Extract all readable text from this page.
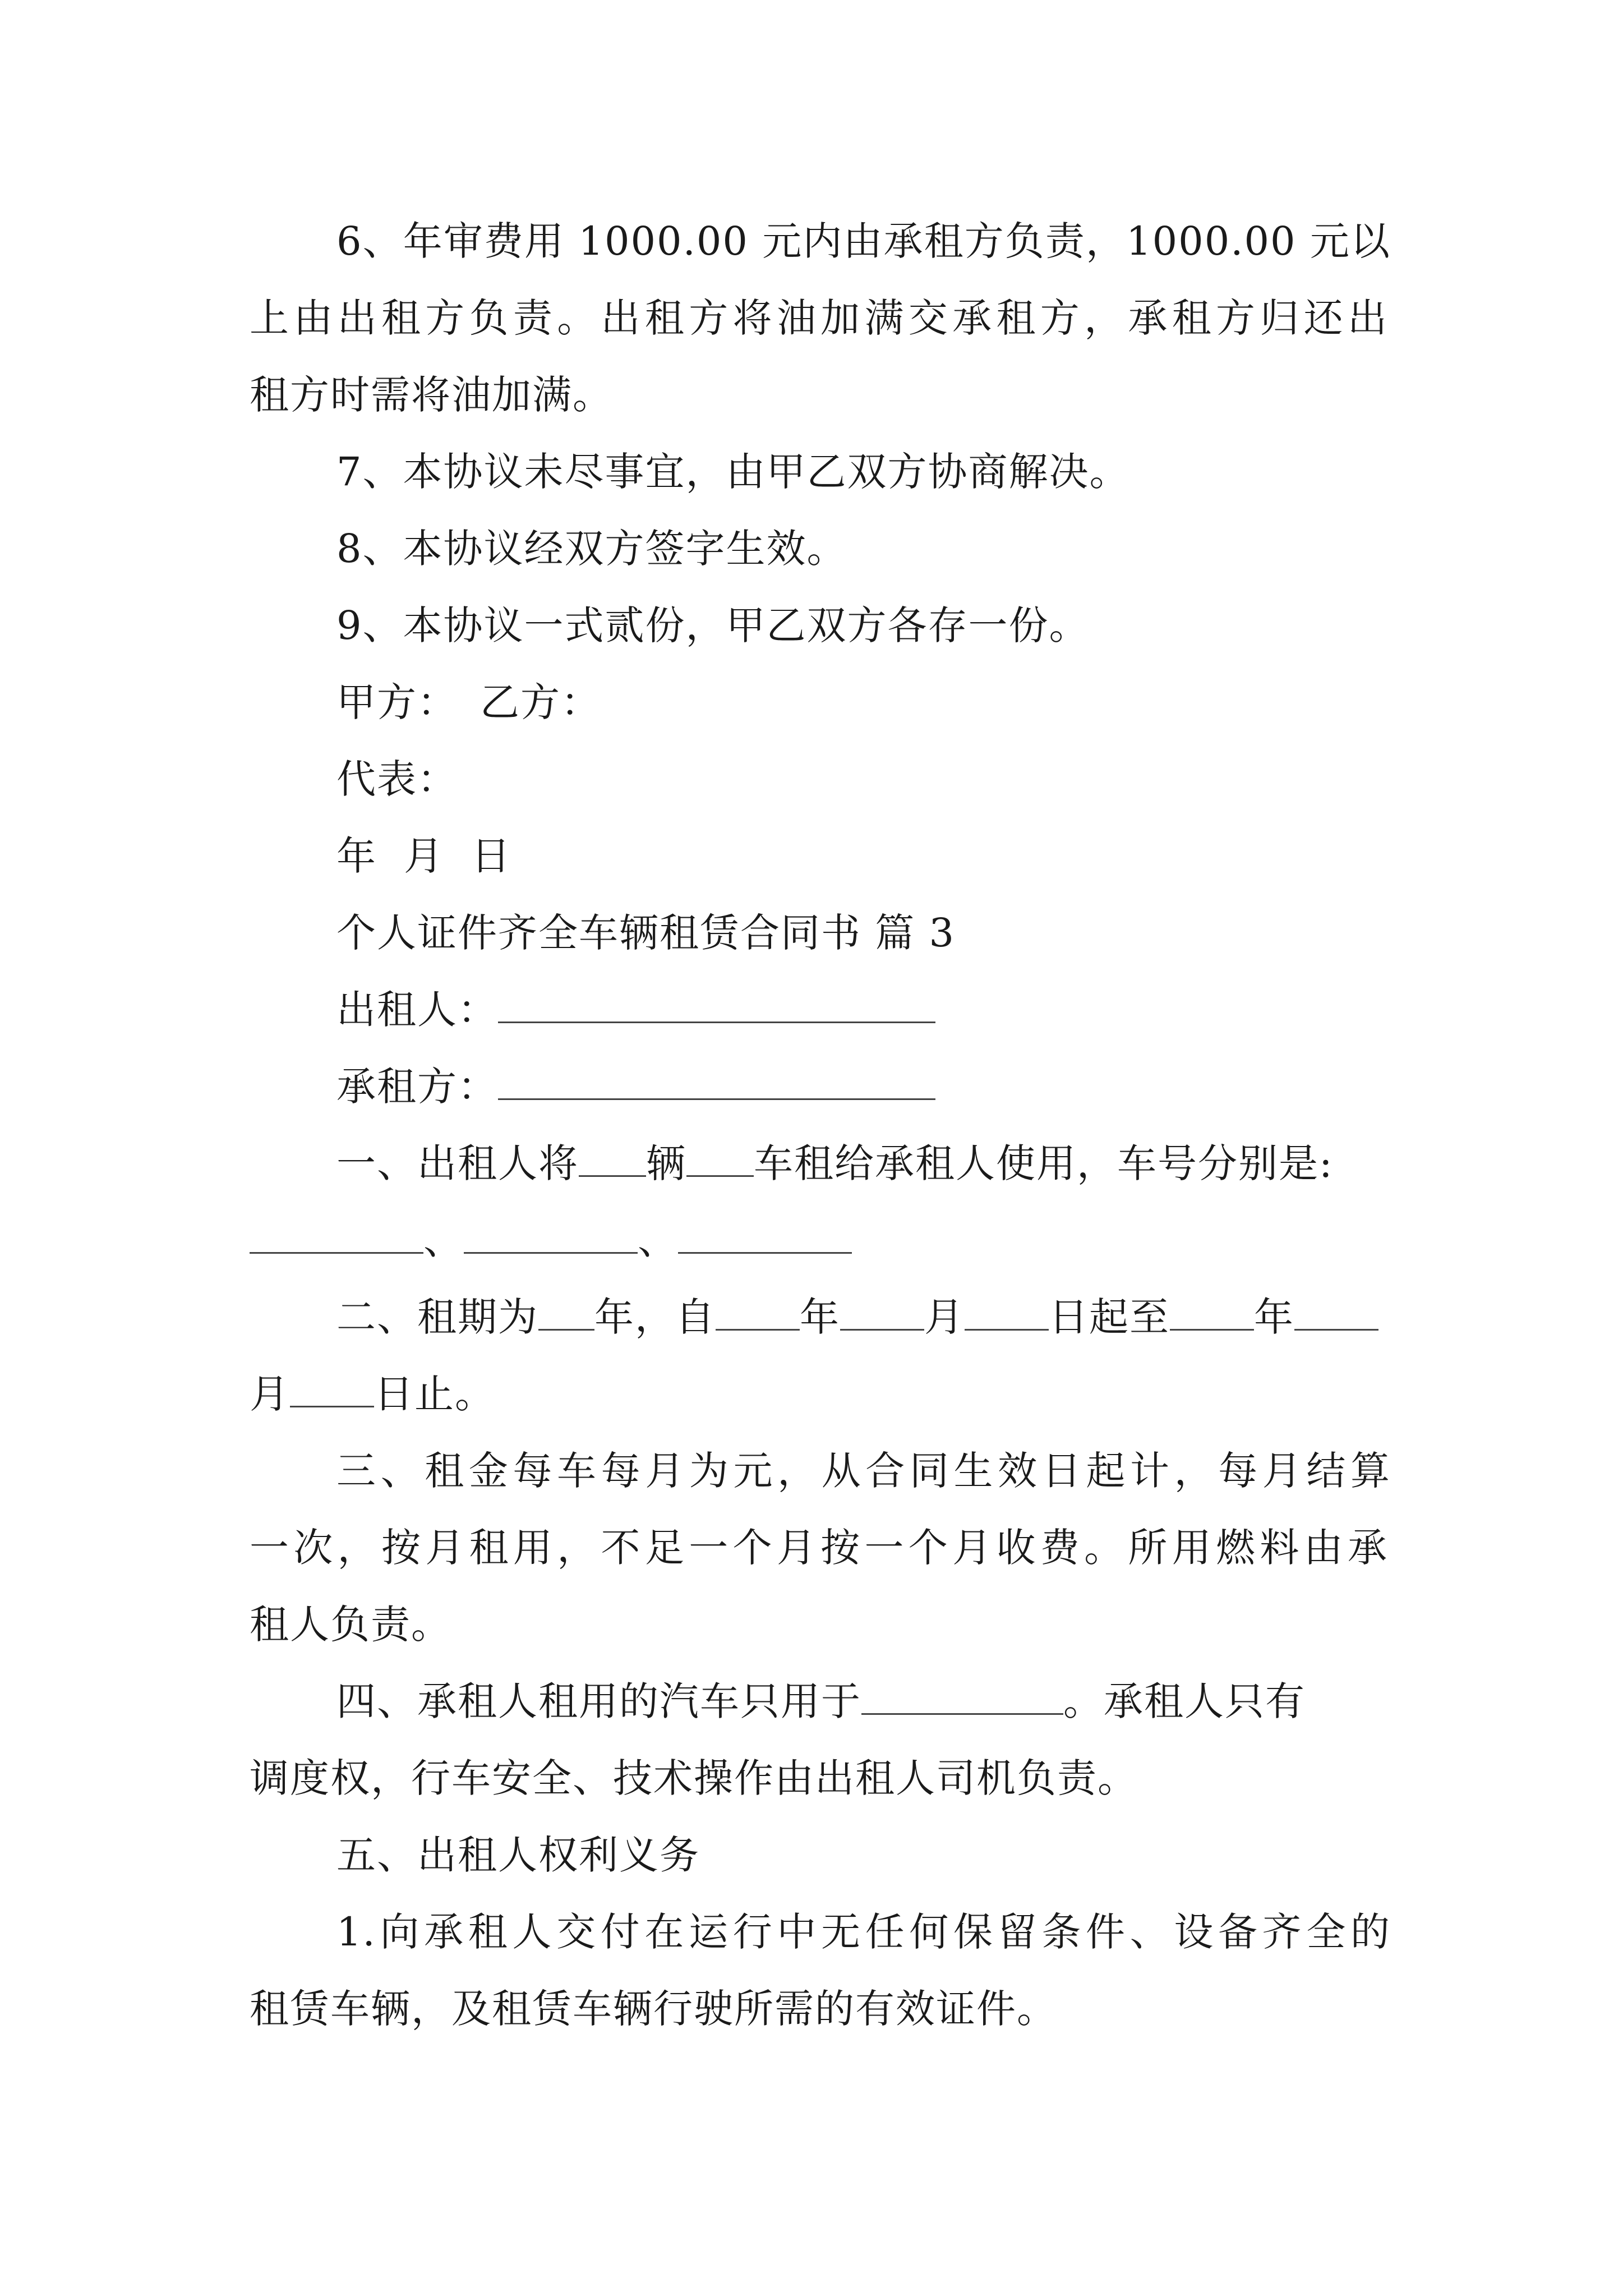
6、年审费用 1000.00 元内由承租方负责，1000.00 元以
上由出租方负责。出租方将油加满交承租方，承租方归还出
租方时需将油加满。
7、本协议未尽事宜，由甲乙双方协商解决。
8、本协议经双方签字生效。
9、本协议一式贰份，甲乙双方各存一份。
甲方： 乙方：
代表：
年 月 日
个人证件齐全车辆租赁合同书 篇 3
出租人：
承租方：
一、出租人将 辆 车租给承租人使用，车号分别是:
、	、
二、租期为 年，自 年 月 日起至 年
月 日止。
三、租金每车每月为元，从合同生效日起计，每月结算
一次，按月租用，不足一个月按一个月收费。所用燃料由承
租人负责。
四、承租人租用的汽车只用于	。承租人只有
调度权，行车安全、技术操作由出租人司机负责。
五、出租人权利义务
1.向承租人交付在运行中无任何保留条件、设备齐全的
租赁车辆，及租赁车辆行驶所需的有效证件。
